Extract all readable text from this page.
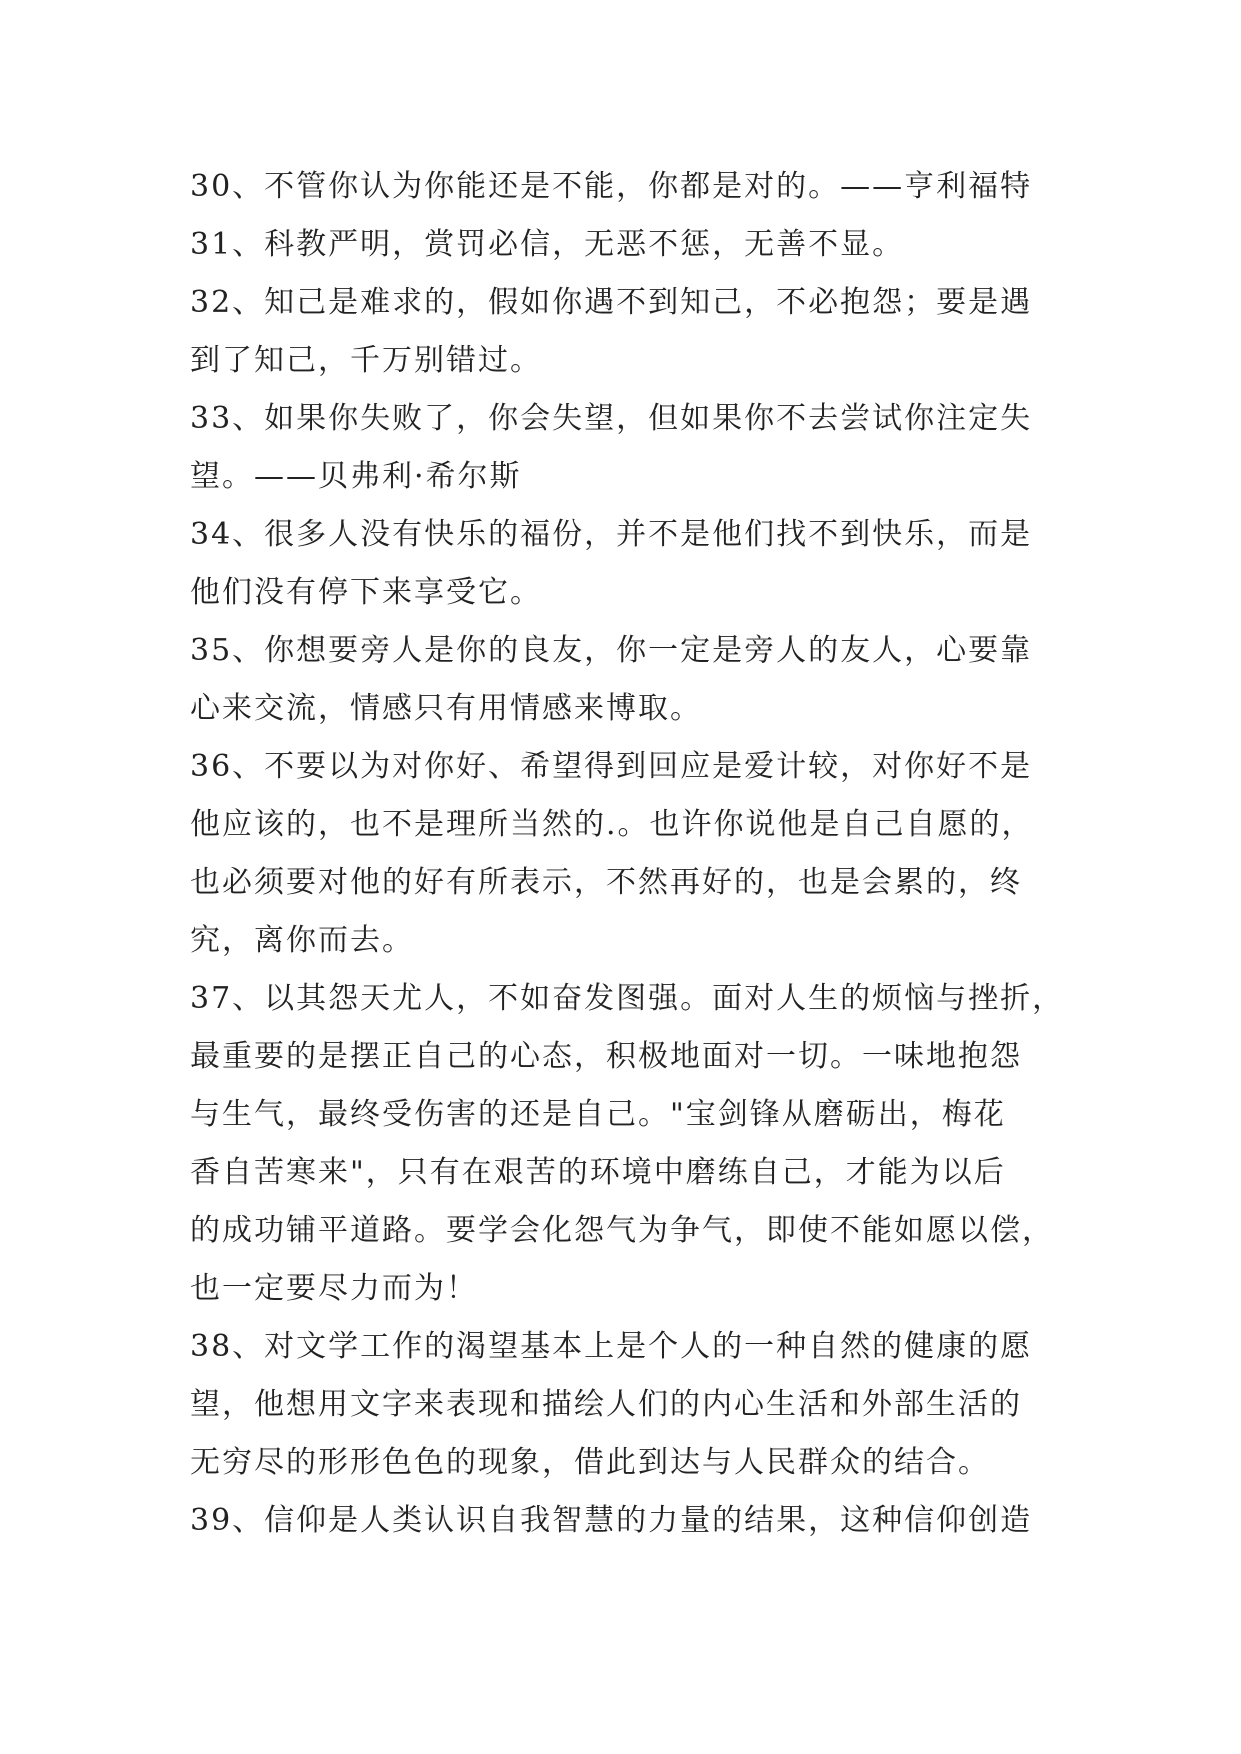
30、不管你认为你能还是不能，你都是对的。——亨利福特
31、科教严明，赏罚必信，无恶不惩，无善不显。
32、知己是难求的，假如你遇不到知己，不必抱怨；要是遇
到了知己，千万别错过。
33、如果你失败了，你会失望，但如果你不去尝试你注定失
望。——贝弗利·希尔斯
34、很多人没有快乐的福份，并不是他们找不到快乐，而是
他们没有停下来享受它。
35、你想要旁人是你的良友，你一定是旁人的友人，心要靠
心来交流，情感只有用情感来博取。
36、不要以为对你好、希望得到回应是爱计较，对你好不是
他应该的，也不是理所当然的.。也许你说他是自己自愿的，
也必须要对他的好有所表示，不然再好的，也是会累的，终
究，离你而去。
37、以其怨天尤人，不如奋发图强。面对人生的烦恼与挫折，
最重要的是摆正自己的心态，积极地面对一切。一味地抱怨
与生气，最终受伤害的还是自己。"宝剑锋从磨砺出，梅花
香自苦寒来"，只有在艰苦的环境中磨练自己，才能为以后
的成功铺平道路。要学会化怨气为争气，即使不能如愿以偿，
也一定要尽力而为！
38、对文学工作的渴望基本上是个人的一种自然的健康的愿
望，他想用文字来表现和描绘人们的内心生活和外部生活的
无穷尽的形形色色的现象，借此到达与人民群众的结合。
39、信仰是人类认识自我智慧的力量的结果，这种信仰创造
